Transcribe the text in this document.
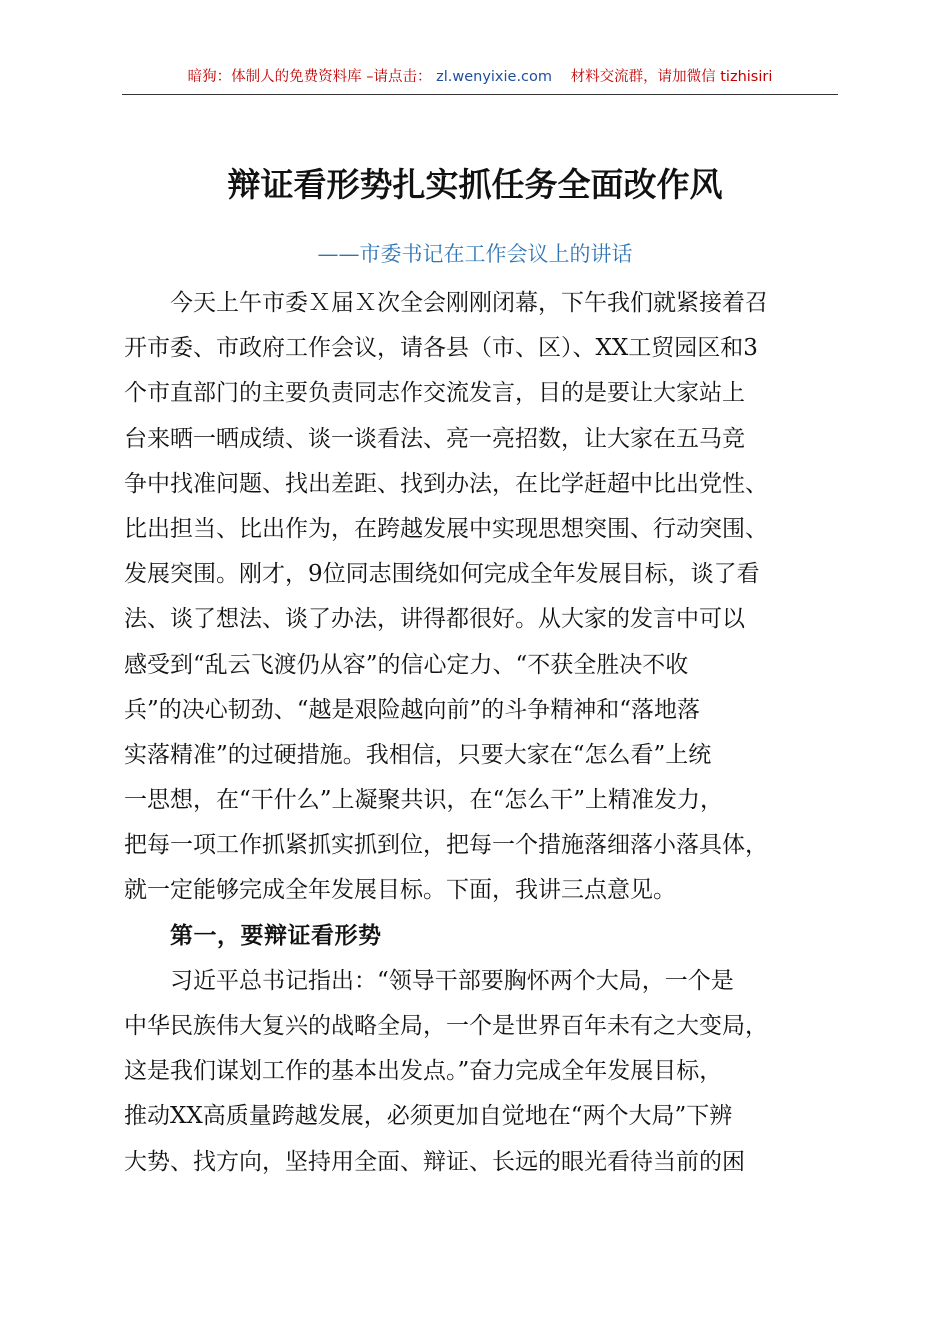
暗狗：体制人的免费资料库 –请点击： zl.wenyixie.com 材料交流群，请加微信 tizhisiri
辩证看形势扎实抓任务全面改作风
——市委书记在工作会议上的讲话
今天上午市委Ｘ届Ｘ次全会刚刚闭幕，下午我们就紧接着召
开市委、市政府工作会议，请各县（市、区）、XX工贸园区和3
个市直部门的主要负责同志作交流发言，目的是要让大家站上
台来晒一晒成绩、谈一谈看法、亮一亮招数，让大家在五马竞
争中找准问题、找出差距、找到办法，在比学赶超中比出党性、
比出担当、比出作为，在跨越发展中实现思想突围、行动突围、
发展突围。刚才，9位同志围绕如何完成全年发展目标，谈了看
法、谈了想法、谈了办法，讲得都很好。从大家的发言中可以
感受到“乱云飞渡仍从容”的信心定力、“不获全胜决不收
兵”的决心韧劲、“越是艰险越向前”的斗争精神和“落地落
实落精准”的过硬措施。我相信，只要大家在“怎么看”上统
一思想，在“干什么”上凝聚共识，在“怎么干”上精准发力，
把每一项工作抓紧抓实抓到位，把每一个措施落细落小落具体，
就一定能够完成全年发展目标。下面，我讲三点意见。
第一，要辩证看形势
习近平总书记指出：“领导干部要胸怀两个大局，一个是
中华民族伟大复兴的战略全局，一个是世界百年未有之大变局，
这是我们谋划工作的基本出发点。”奋力完成全年发展目标，
推动XX高质量跨越发展，必须更加自觉地在“两个大局”下辨
大势、找方向，坚持用全面、辩证、长远的眼光看待当前的困
